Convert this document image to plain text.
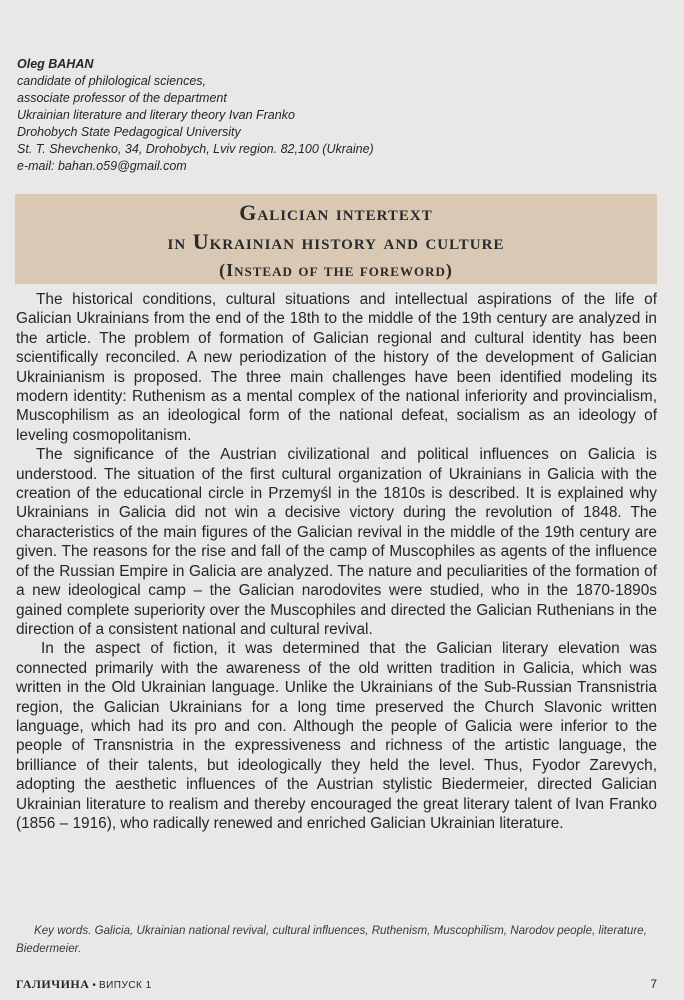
Oleg BAHAN
candidate of philological sciences,
associate professor of the department
Ukrainian literature and literary theory Ivan Franko
Drohobych State Pedagogical University
St. T. Shevchenko, 34, Drohobych, Lviv region. 82,100 (Ukraine)
e-mail: bahan.o59@gmail.com
Galician intertext
in Ukrainian history and culture
(Instead of the foreword)

The historical conditions, cultural situations and intellectual aspirations of the life of Galician Ukrainians from the end of the 18th to the middle of the 19th century are analyzed in the article. The problem of formation of Galician regional and cultural identity has been scientifically reconciled. A new periodization of the history of the development of Galician Ukrainianism is proposed. The three main challenges have been identified modeling its modern identity: Ruthenism as a mental complex of the national inferiority and provincialism, Muscophilism as an ideological form of the national defeat, socialism as an ideology of leveling cosmopolitanism.

The significance of the Austrian civilizational and political influences on Galicia is understood. The situation of the first cultural organization of Ukrainians in Galicia with the creation of the educational circle in Przemyśl in the 1810s is described. It is explained why Ukrainians in Galicia did not win a decisive victory during the revolution of 1848. The characteristics of the main figures of the Galician revival in the middle of the 19th century are given. The reasons for the rise and fall of the camp of Muscophiles as agents of the influence of the Russian Empire in Galicia are analyzed. The nature and peculiarities of the formation of a new ideological camp – the Galician narodovites were studied, who in the 1870-1890s gained complete superiority over the Muscophiles and directed the Galician Ruthenians in the direction of a consistent national and cultural revival.

In the aspect of fiction, it was determined that the Galician literary elevation was connected primarily with the awareness of the old written tradition in Galicia, which was written in the Old Ukrainian language. Unlike the Ukrainians of the Sub-Russian Transnistria region, the Galician Ukrainians for a long time preserved the Church Slavonic written language, which had its pro and con. Although the people of Galicia were inferior to the people of Transnistria in the expressiveness and richness of the artistic language, the brilliance of their talents, but ideologically they held the level. Thus, Fyodor Zarevych, adopting the aesthetic influences of the Austrian stylistic Biedermeier, directed Galician Ukrainian literature to realism and thereby encouraged the great literary talent of Ivan Franko (1856 – 1916), who radically renewed and enriched Galician Ukrainian literature.

Key words. Galicia, Ukrainian national revival, cultural influences, Ruthenism, Muscophilism, Narodov people, literature, Biedermeier.
ГАЛИЧИНА • ВИПУСК 1	7
